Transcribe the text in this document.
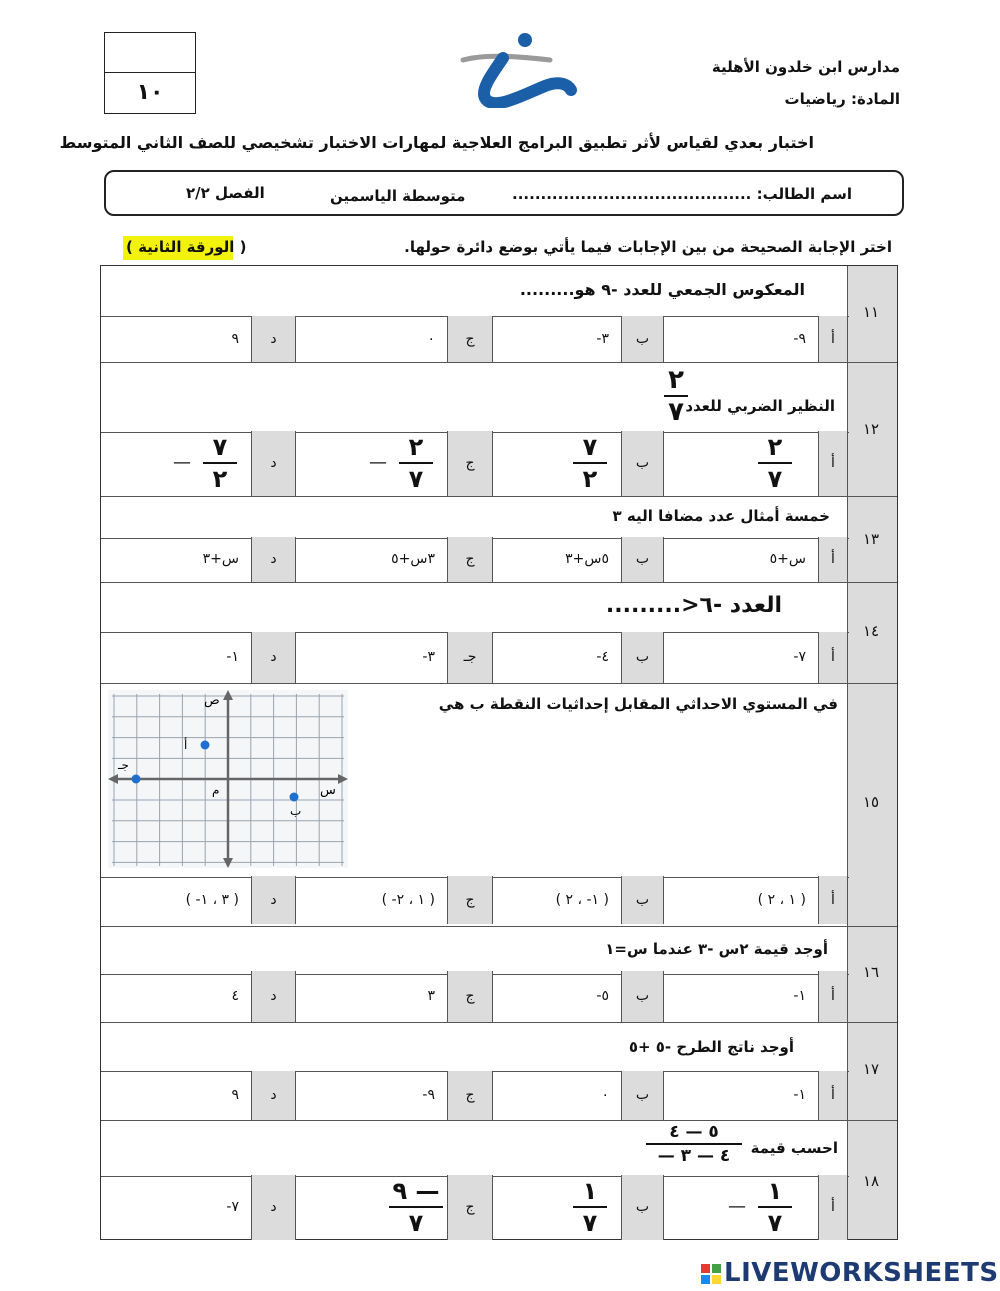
١٠
مدارس ابن خلدون الأهلية
المادة: رياضيات
اختبار بعدي لقياس لأثر تطبيق البرامج العلاجية لمهارات الاختبار تشخيصي للصف الثاني المتوسط
اسم الطالب: ..........................................
متوسطة الياسمين
الفصل ٢/٢
اختر الإجابة الصحيحة من بين الإجابات فيما يأتي بوضع دائرة حولها.
( الورقة الثانية )
١١
١٢
١٣
١٤
١٥
١٦
١٧
١٨
المعكوس الجمعي للعدد -٩ هو.........
النظير الضربي للعدد
٢
٧
خمسة أمثال عدد مضافا اليه ٣
العدد -٦<.........
في المستوي الاحداثي المقابل إحداثيات النقطة ب هي
أوجد قيمة ٢س -٣ عندما س=١
أوجد ناتج الطرح -٥ +٥
احسب قيمة
٥ — ٤
— ٤ — ٣
ص
س
م
أ
ب
جـ

LIVEWORKSHEETS
أ
٩-
ب
٣-
ج
٠
د
٩
أ
٢
٧
ب
٧
٢
ج
٢
٧
—
د
٧
٢
—
أ
س+٥
ب
٥س+٣
ج
٣س+٥
د
س+٣
أ
٧-
ب
٤-
جـ
٣-
د
١-
أ
( ١ ، ٢ )
ب
( ١- ، ٢ )
ج
( ١ ، ٢- )
د
( ٣ ، ١- )
أ
١-
ب
٥-
ج
٣
د
٤
أ
١-
ب
٠
ج
٩-
د
٩
أ
١
٧
—
ب
١
٧
ج
٩ —
٧
د
٧-
